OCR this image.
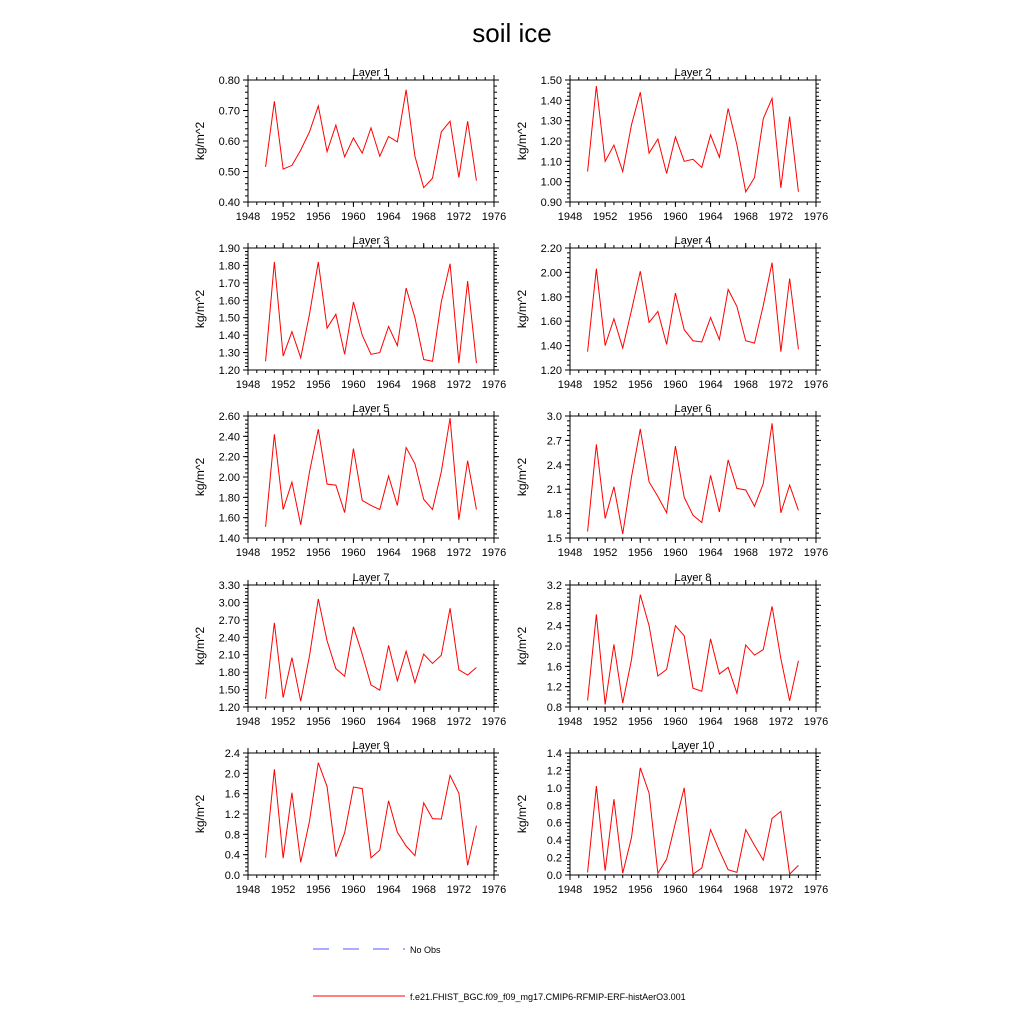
soil ice
Layer 1
0.40
0.50
0.60
0.70
0.80
1948 1952 1956 1960 1964 1968 1972 1976
kg/m^2
Layer 2
0.90
1.00
1.10
1.20
1.30
1.40
1.50
1948 1952 1956 1960 1964 1968 1972 1976
kg/m^2
Layer 3
1.20
1.30
1.40
1.50
1.60
1.70
1.80
1.90
1948 1952 1956 1960 1964 1968 1972 1976
kg/m^2
Layer 4
1.20
1.40
1.60
1.80
2.00
2.20
1948 1952 1956 1960 1964 1968 1972 1976
kg/m^2
Layer 5
1.40
1.60
1.80
2.00
2.20
2.40
2.60
1948 1952 1956 1960 1964 1968 1972 1976
kg/m^2
Layer 6
1.5
1.8
2.1
2.4
2.7
3.0
1948 1952 1956 1960 1964 1968 1972 1976
kg/m^2
Layer 7
1.20
1.50
1.80
2.10
2.40
2.70
3.00
3.30
1948 1952 1956 1960 1964 1968 1972 1976
kg/m^2
Layer 8
0.8
1.2
1.6
2.0
2.4
2.8
3.2
1948 1952 1956 1960 1964 1968 1972 1976
kg/m^2
Layer 9
0.0
0.4
0.8
1.2
1.6
2.0
2.4
1948 1952 1956 1960 1964 1968 1972 1976
kg/m^2
Layer 10
0.0
0.2
0.4
0.6
0.8
1.0
1.2
1.4
1948 1952 1956 1960 1964 1968 1972 1976
kg/m^2
No Obs
f.e21.FHIST_BGC.f09_f09_mg17.CMIP6-RFMIP-ERF-histAerO3.001
